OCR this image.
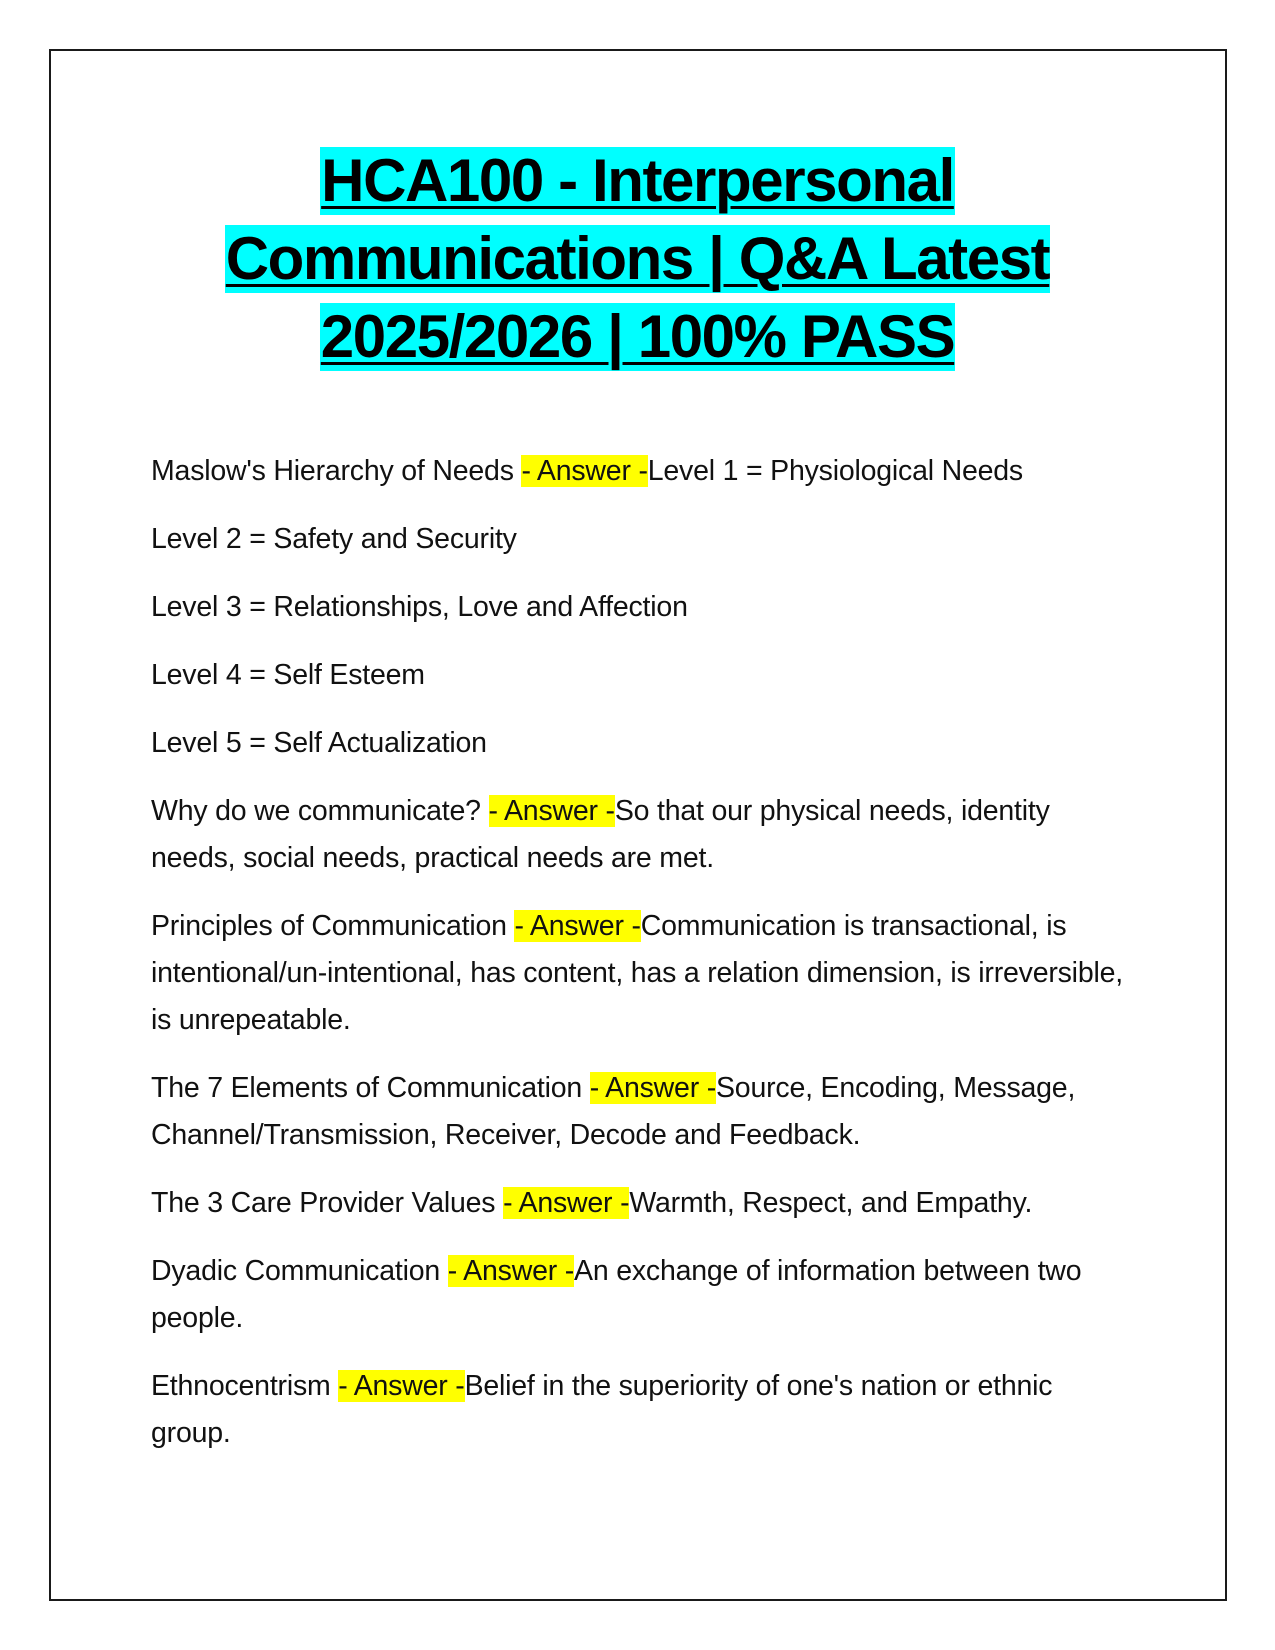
HCA100 - Interpersonal
Communications | Q&A Latest
2025/2026 | 100% PASS
Maslow's Hierarchy of Needs - Answer -Level 1 = Physiological Needs
Level 2 = Safety and Security
Level 3 = Relationships, Love and Affection
Level 4 = Self Esteem
Level 5 = Self Actualization
Why do we communicate? - Answer -So that our physical needs, identity needs, social needs, practical needs are met.
Principles of Communication - Answer -Communication is transactional, is intentional/un-intentional, has content, has a relation dimension, is irreversible, is unrepeatable.
The 7 Elements of Communication - Answer -Source, Encoding, Message, Channel/Transmission, Receiver, Decode and Feedback.
The 3 Care Provider Values - Answer -Warmth, Respect, and Empathy.
Dyadic Communication - Answer -An exchange of information between two people.
Ethnocentrism - Answer -Belief in the superiority of one's nation or ethnic group.
